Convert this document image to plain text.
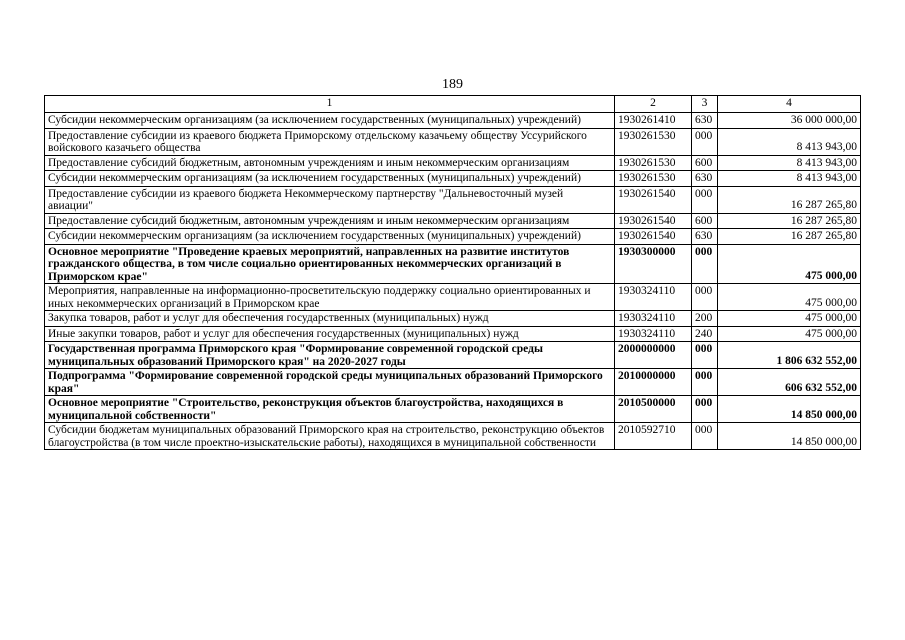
189
1	2	3	4
Субсидии некоммерческим организациям (за исключением государственных (муниципальных) учреждений)	1930261410	630	36 000 000,00
Предоставление субсидии из краевого бюджета Приморскому отдельскому казачьему обществу Уссурийского войскового казачьего общества	1930261530	000	8 413 943,00
Предоставление субсидий бюджетным, автономным учреждениям и иным некоммерческим организациям	1930261530	600	8 413 943,00
Субсидии некоммерческим организациям (за исключением государственных (муниципальных) учреждений)	1930261530	630	8 413 943,00
Предоставление субсидии из краевого бюджета Некоммерческому партнерству "Дальневосточный музей авиации"	1930261540	000	16 287 265,80
Предоставление субсидий бюджетным, автономным учреждениям и иным некоммерческим организациям	1930261540	600	16 287 265,80
Субсидии некоммерческим организациям (за исключением государственных (муниципальных) учреждений)	1930261540	630	16 287 265,80
Основное мероприятие "Проведение краевых мероприятий, направленных на развитие институтов гражданского общества, в том числе социально ориентированных некоммерческих организаций в Приморском крае"	1930300000	000	475 000,00
Мероприятия, направленные на информационно-просветительскую поддержку социально ориентированных и иных некоммерческих организаций в Приморском крае	1930324110	000	475 000,00
Закупка товаров, работ и услуг для обеспечения государственных (муниципальных) нужд	1930324110	200	475 000,00
Иные закупки товаров, работ и услуг для обеспечения государственных (муниципальных) нужд	1930324110	240	475 000,00
Государственная программа Приморского края "Формирование современной городской среды муниципальных образований Приморского края" на 2020-2027 годы	2000000000	000	1 806 632 552,00
Подпрограмма "Формирование современной городской среды муниципальных образований Приморского края"	2010000000	000	606 632 552,00
Основное мероприятие "Строительство, реконструкция объектов благоустройства, находящихся в муниципальной собственности"	2010500000	000	14 850 000,00
Субсидии бюджетам муниципальных образований Приморского края на строительство, реконструкцию объектов благоустройства (в том числе проектно-изыскательские работы), находящихся в муниципальной собственности	2010592710	000	14 850 000,00
